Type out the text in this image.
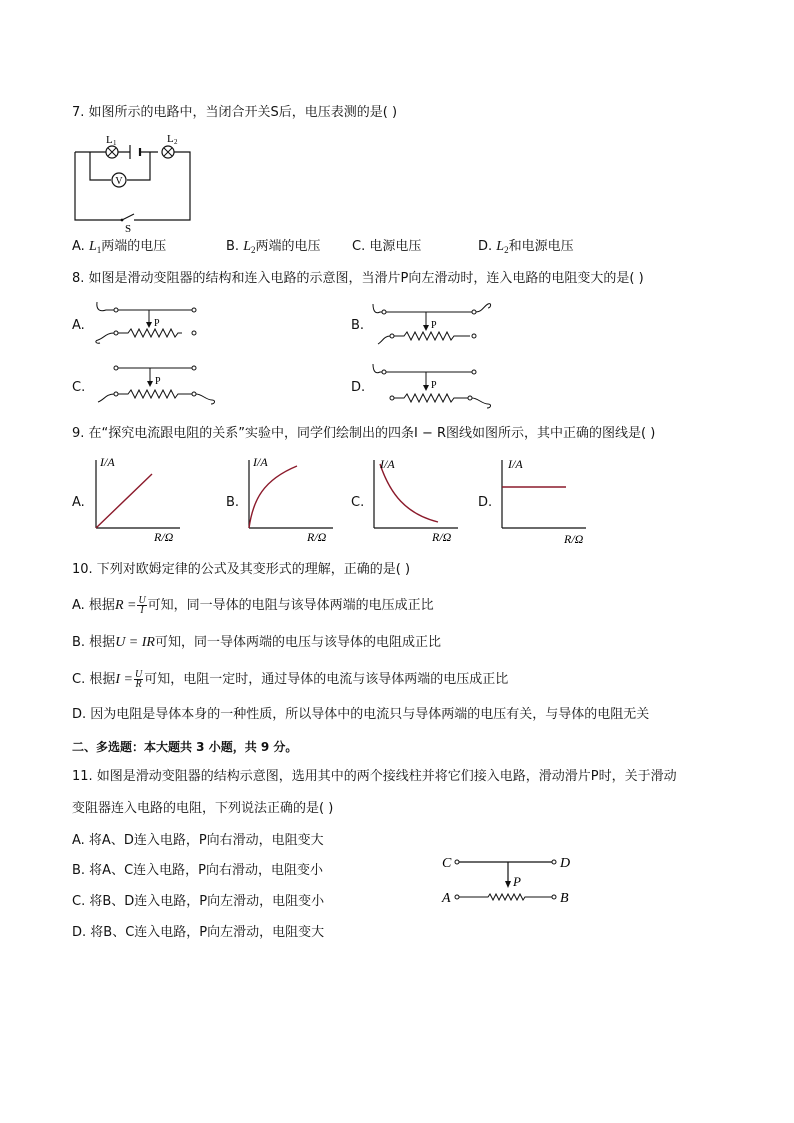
7. 如图所示的电路中，当闭合开关S后，电压表测的是( )
V
L 1	L 2
S
A. $L_1$两端的电压	B. $L_2$两端的电压 C. 电源电压	D. $L_2$和电源电压
8. 如图是滑动变阻器的结构和连入电路的示意图，当滑片P向左滑动时，连入电路的电阻变大的是( )
A.	P	B.	P
C.	P	D.	P
9. 在“探究电流跟电阻的关系”实验中，同学们绘制出的四条I − R图线如图所示，其中正确的图线是( )
A.
I/A
R/Ω
B.
I/A
R/Ω
C.
I/A
R/Ω
D.
I/A
R/Ω
10. 下列对欧姆定律的公式及其变形式的理解，正确的是( )
A. 根据$R = \frac{U}{I}$ 可知，同一导体的电阻与该导体两端的电压成正比
B. 根据U = IR可知，同一导体两端的电压与该导体的电阻成正比
C. 根据$I = \frac{U}{R}$ 可知，电阻一定时，通过导体的电流与该导体两端的电压成正比
D. 因为电阻是导体本身的一种性质，所以导体中的电流只与导体两端的电压有关，与导体的电阻无关
二、多选题：本大题共 3 小题，共 9 分。
11. 如图是滑动变阻器的结构示意图，选用其中的两个接线柱并将它们接入电路，滑动滑片P时，关于滑动
变阻器连入电路的电阻，下列说法正确的是( )
A. 将A、D连入电路，P向右滑动，电阻变大
B. 将A、C连入电路，P向右滑动，电阻变小
C. 将B、D连入电路，P向左滑动，电阻变小
D. 将B、C连入电路，P向左滑动，电阻变大
C	D
P
A	B
